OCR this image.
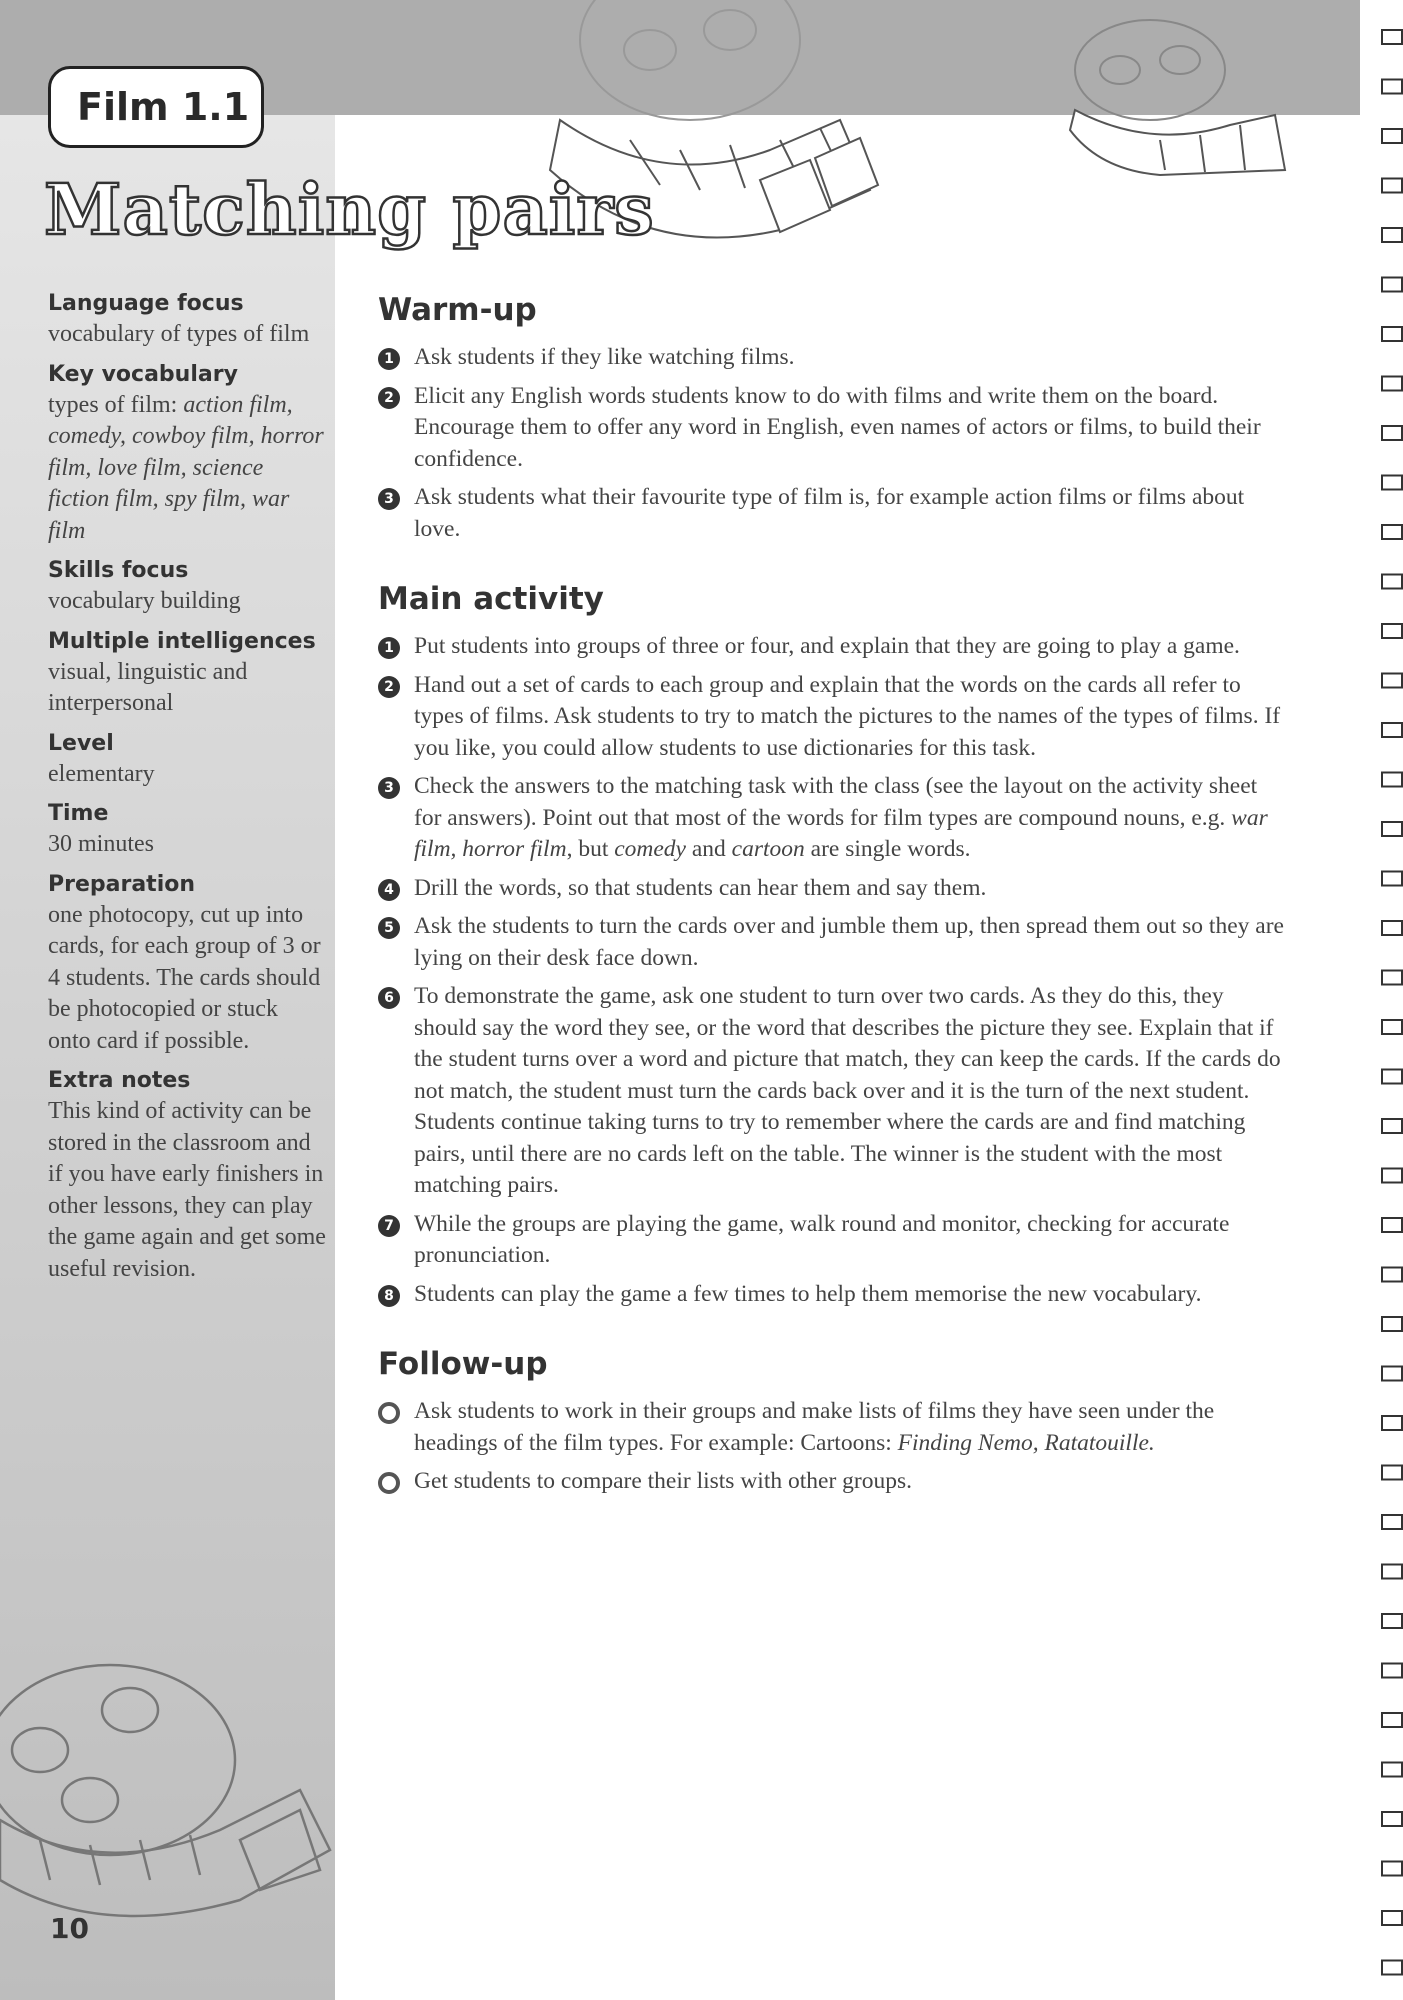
Film 1.1
Matching pairs
Language focus
vocabulary of types of film
Key vocabulary
types of film: action film, comedy, cowboy film, horror film, love film, science fiction film, spy film, war film
Skills focus
vocabulary building
Multiple intelligences
visual, linguistic and interpersonal
Level
elementary
Time
30 minutes
Preparation
one photocopy, cut up into cards, for each group of 3 or 4 students. The cards should be photocopied or stuck onto card if possible.
Extra notes
This kind of activity can be stored in the classroom and if you have early finishers in other lessons, they can play the game again and get some useful revision.
10
Warm-up
1 Ask students if they like watching films.
2 Elicit any English words students know to do with films and write them on the board. Encourage them to offer any word in English, even names of actors or films, to build their confidence.
3 Ask students what their favourite type of film is, for example action films or films about love.
Main activity
1 Put students into groups of three or four, and explain that they are going to play a game.
2 Hand out a set of cards to each group and explain that the words on the cards all refer to types of films. Ask students to try to match the pictures to the names of the types of films. If you like, you could allow students to use dictionaries for this task.
3 Check the answers to the matching task with the class (see the layout on the activity sheet for answers). Point out that most of the words for film types are compound nouns, e.g. war film, horror film, but comedy and cartoon are single words.
4 Drill the words, so that students can hear them and say them.
5 Ask the students to turn the cards over and jumble them up, then spread them out so they are lying on their desk face down.
6 To demonstrate the game, ask one student to turn over two cards. As they do this, they should say the word they see, or the word that describes the picture they see. Explain that if the student turns over a word and picture that match, they can keep the cards. If the cards do not match, the student must turn the cards back over and it is the turn of the next student. Students continue taking turns to try to remember where the cards are and find matching pairs, until there are no cards left on the table. The winner is the student with the most matching pairs.
7 While the groups are playing the game, walk round and monitor, checking for accurate pronunciation.
8 Students can play the game a few times to help them memorise the new vocabulary.
Follow-up
Ask students to work in their groups and make lists of films they have seen under the headings of the film types. For example: Cartoons: Finding Nemo, Ratatouille.
Get students to compare their lists with other groups.
